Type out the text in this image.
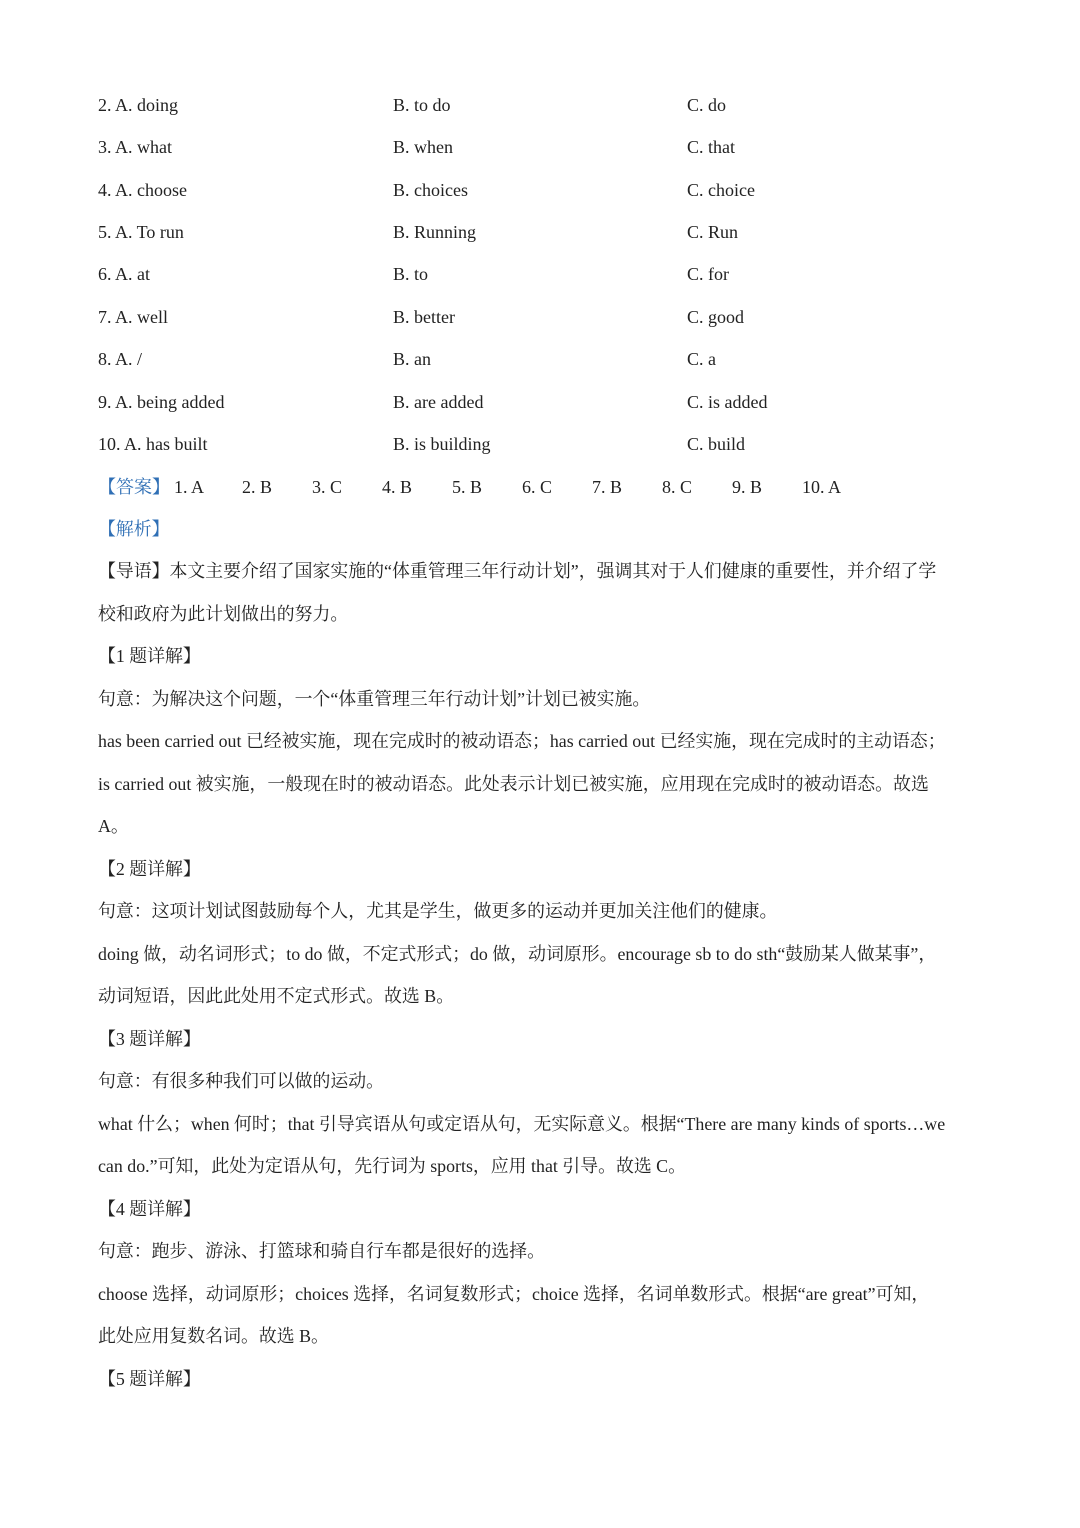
2. A. doing	B. to do	C. do
3. A. what	B. when	C. that
4. A. choose	B. choices	C. choice
5. A. To run	B. Running	C. Run
6. A. at	B. to	C. for
7. A. well	B. better	C. good
8. A. /	B. an	C. a
9. A. being added	B. are added	C. is added
10. A. has built	B. is building	C. build
【答案】 1. A 2. B 3. C 4. B 5. B 6. C 7. B 8. C 9. B 10. A
【解析】
【导语】本文主要介绍了国家实施的“体重管理三年行动计划”，强调其对于人们健康的重要性，并介绍了学
校和政府为此计划做出的努力。
【1 题详解】
句意：为解决这个问题，一个“体重管理三年行动计划”计划已被实施。
has been carried out 已经被实施，现在完成时的被动语态；has carried out 已经实施，现在完成时的主动语态；
is carried out 被实施，一般现在时的被动语态。此处表示计划已被实施，应用现在完成时的被动语态。故选
A。
【2 题详解】
句意：这项计划试图鼓励每个人，尤其是学生，做更多的运动并更加关注他们的健康。
doing 做，动名词形式；to do 做，不定式形式；do 做，动词原形。encourage sb to do sth“鼓励某人做某事”，
动词短语，因此此处用不定式形式。故选 B。
【3 题详解】
句意：有很多种我们可以做的运动。
what 什么；when 何时；that 引导宾语从句或定语从句，无实际意义。根据“There are many kinds of sports…we
can do.”可知，此处为定语从句，先行词为 sports，应用 that 引导。故选 C。
【4 题详解】
句意：跑步、游泳、打篮球和骑自行车都是很好的选择。
choose 选择，动词原形；choices 选择，名词复数形式；choice 选择，名词单数形式。根据“are great”可知，
此处应用复数名词。故选 B。
【5 题详解】
